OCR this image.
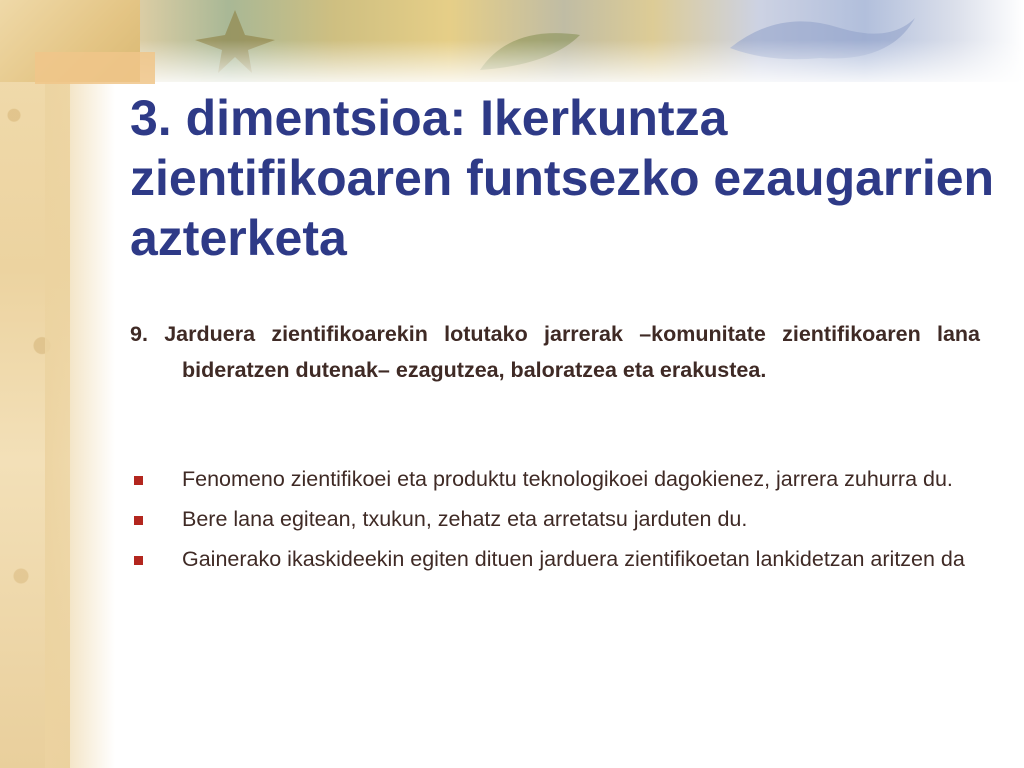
3. dimentsioa: Ikerkuntza zientifikoaren funtsezko ezaugarrien azterketa
9. Jarduera zientifikoarekin lotutako jarrerak –komunitate zientifikoaren lana bideratzen dutenak– ezagutzea, baloratzea eta erakustea.
Fenomeno zientifikoei eta produktu teknologikoei dagokienez, jarrera zuhurra du.
Bere lana egitean, txukun, zehatz eta arretatsu jarduten du.
Gainerako ikaskideekin egiten dituen jarduera zientifikoetan lankidetzan aritzen da
